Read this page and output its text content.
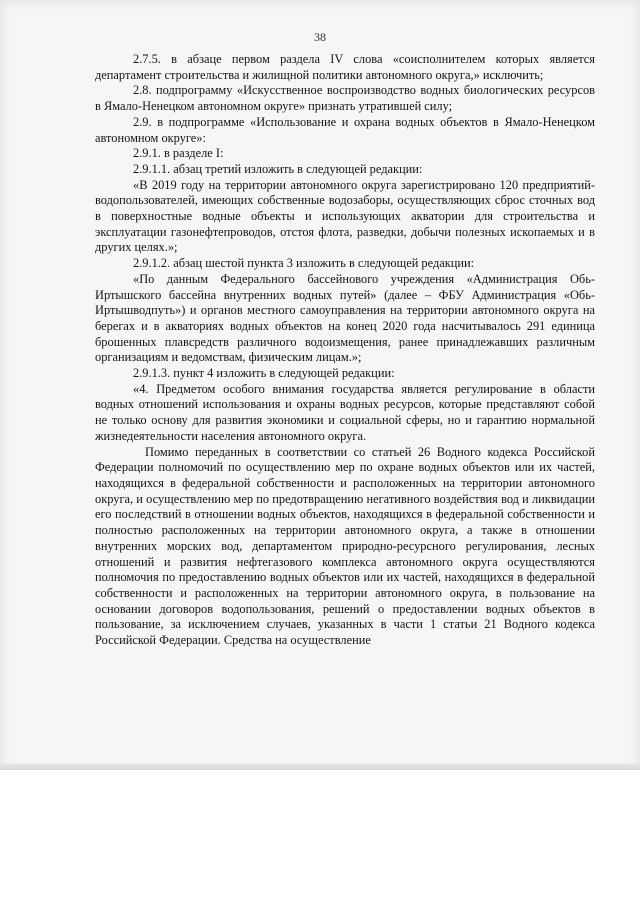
38

2.7.5. в абзаце первом раздела IV слова «соисполнителем которых является департамент строительства и жилищной политики автономного округа,» исключить;

2.8. подпрограмму «Искусственное воспроизводство водных биологических ресурсов в Ямало-Ненецком автономном округе» признать утратившей силу;

2.9. в подпрограмме «Использование и охрана водных объектов в Ямало-Ненецком автономном округе»:

2.9.1. в разделе I:

2.9.1.1. абзац третий изложить в следующей редакции:

«В 2019 году на территории автономного округа зарегистрировано 120 предприятий-водопользователей, имеющих собственные водозаборы, осуществляющих сброс сточных вод в поверхностные водные объекты и использующих акватории для строительства и эксплуатации газонефтепроводов, отстоя флота, разведки, добычи полезных ископаемых и в других целях.»;

2.9.1.2. абзац шестой пункта 3 изложить в следующей редакции:

«По данным Федерального бассейнового учреждения «Администрация Обь-Иртышского бассейна внутренних водных путей» (далее – ФБУ Администрация «Обь-Иртышводпуть») и органов местного самоуправления на территории автономного округа на берегах и в акваториях водных объектов на конец 2020 года насчитывалось 291 единица брошенных плавсредств различного водоизмещения, ранее принадлежавших различным организациям и ведомствам, физическим лицам.»;

2.9.1.3. пункт 4 изложить в следующей редакции:

«4. Предметом особого внимания государства является регулирование в области водных отношений использования и охраны водных ресурсов, которые представляют собой не только основу для развития экономики и социальной сферы, но и гарантию нормальной жизнедеятельности населения автономного округа.

Помимо переданных в соответствии со статьей 26 Водного кодекса Российской Федерации полномочий по осуществлению мер по охране водных объектов или их частей, находящихся в федеральной собственности и расположенных на территории автономного округа, и осуществлению мер по предотвращению негативного воздействия вод и ликвидации его последствий в отношении водных объектов, находящихся в федеральной собственности и полностью расположенных на территории автономного округа, а также в отношении внутренних морских вод, департаментом природно-ресурсного регулирования, лесных отношений и развития нефтегазового комплекса автономного округа осуществляются полномочия по предоставлению водных объектов или их частей, находящихся в федеральной собственности и расположенных на территории автономного округа, в пользование на основании договоров водопользования, решений о предоставлении водных объектов в пользование, за исключением случаев, указанных в части 1 статьи 21 Водного кодекса Российской Федерации. Средства на осуществление
